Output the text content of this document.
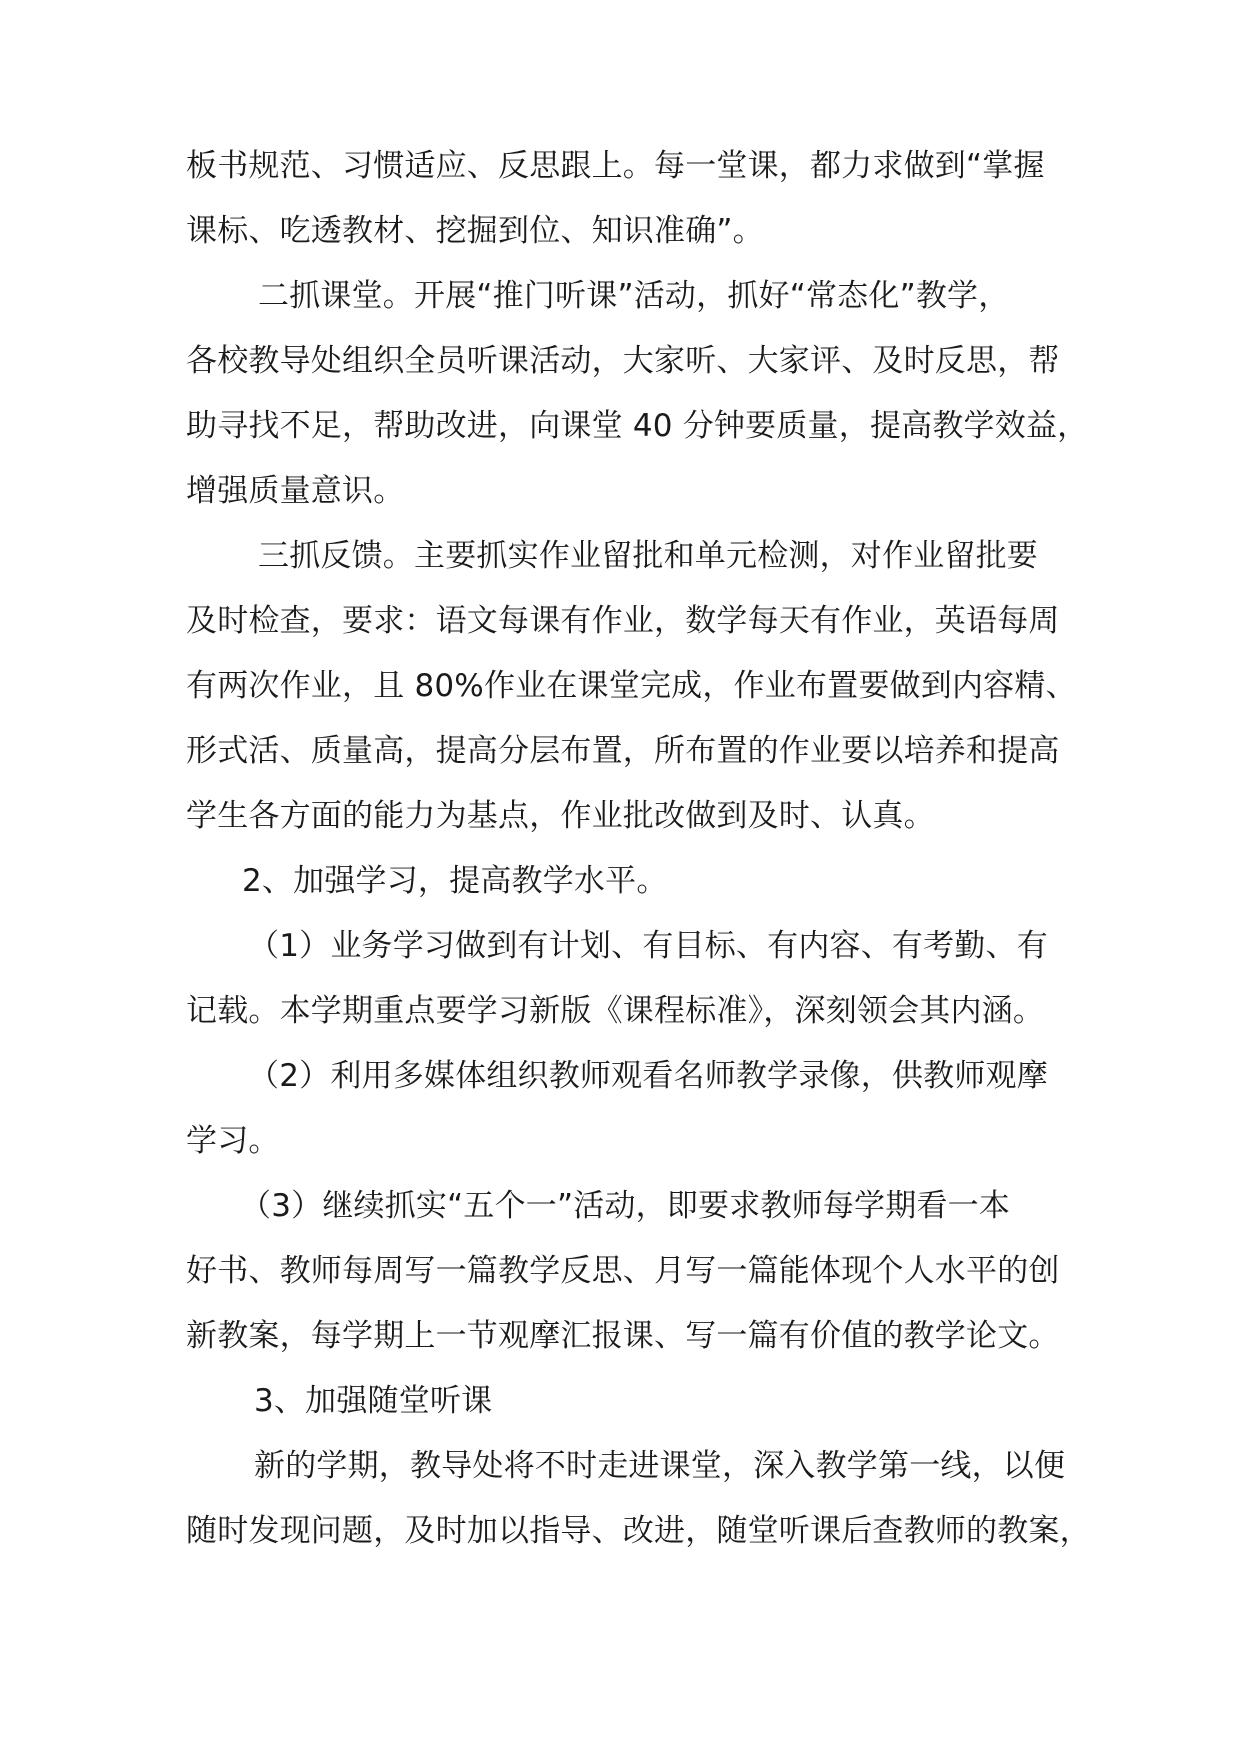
板书规范、习惯适应、反思跟上。每一堂课，都力求做到“掌握
课标、吃透教材、挖掘到位、知识准确”。
二抓课堂。开展“推门听课”活动，抓好“常态化”教学，
各校教导处组织全员听课活动，大家听、大家评、及时反思，帮
助寻找不足，帮助改进，向课堂 40 分钟要质量，提高教学效益，
增强质量意识。
三抓反馈。主要抓实作业留批和单元检测，对作业留批要
及时检查，要求：语文每课有作业，数学每天有作业，英语每周
有两次作业，且 80%作业在课堂完成，作业布置要做到内容精、
形式活、质量高，提高分层布置，所布置的作业要以培养和提高
学生各方面的能力为基点，作业批改做到及时、认真。
2、加强学习，提高教学水平。
（1）业务学习做到有计划、有目标、有内容、有考勤、有
记载。本学期重点要学习新版《课程标准》，深刻领会其内涵。
（2）利用多媒体组织教师观看名师教学录像，供教师观摩
学习。
（3）继续抓实“五个一”活动，即要求教师每学期看一本
好书、教师每周写一篇教学反思、月写一篇能体现个人水平的创
新教案，每学期上一节观摩汇报课、写一篇有价值的教学论文。
3、加强随堂听课
新的学期，教导处将不时走进课堂，深入教学第一线，以便
随时发现问题，及时加以指导、改进，随堂听课后查教师的教案，
